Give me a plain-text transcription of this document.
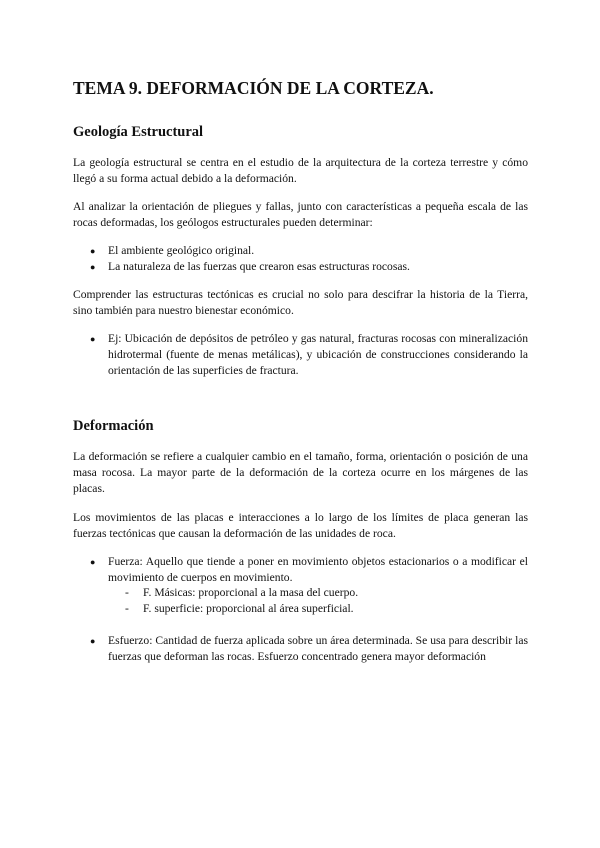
TEMA 9. DEFORMACIÓN DE LA CORTEZA.
Geología Estructural

La geología estructural se centra en el estudio de la arquitectura de la corteza terrestre y cómo llegó a su forma actual debido a la deformación.

Al analizar la orientación de pliegues y fallas, junto con características a pequeña escala de las rocas deformadas, los geólogos estructurales pueden determinar:

●	El ambiente geológico original.
●	La naturaleza de las fuerzas que crearon esas estructuras rocosas.

Comprender las estructuras tectónicas es crucial no solo para descifrar la historia de la Tierra, sino también para nuestro bienestar económico.

●	Ej: Ubicación de depósitos de petróleo y gas natural, fracturas rocosas con mineralización hidrotermal (fuente de menas metálicas), y ubicación de construcciones considerando la orientación de las superficies de fractura.
Deformación

La deformación se refiere a cualquier cambio en el tamaño, forma, orientación o posición de una masa rocosa. La mayor parte de la deformación de la corteza ocurre en los márgenes de las placas.

Los movimientos de las placas e interacciones a lo largo de los límites de placa generan las fuerzas tectónicas que causan la deformación de las unidades de roca.

●	Fuerza: Aquello que tiende a poner en movimiento objetos estacionarios o a modificar el movimiento de cuerpos en movimiento.
-	F. Másicas: proporcional a la masa del cuerpo.
-	F. superficie: proporcional al área superficial.
●	Esfuerzo: Cantidad de fuerza aplicada sobre un área determinada. Se usa para describir las fuerzas que deforman las rocas. Esfuerzo concentrado genera mayor deformación
